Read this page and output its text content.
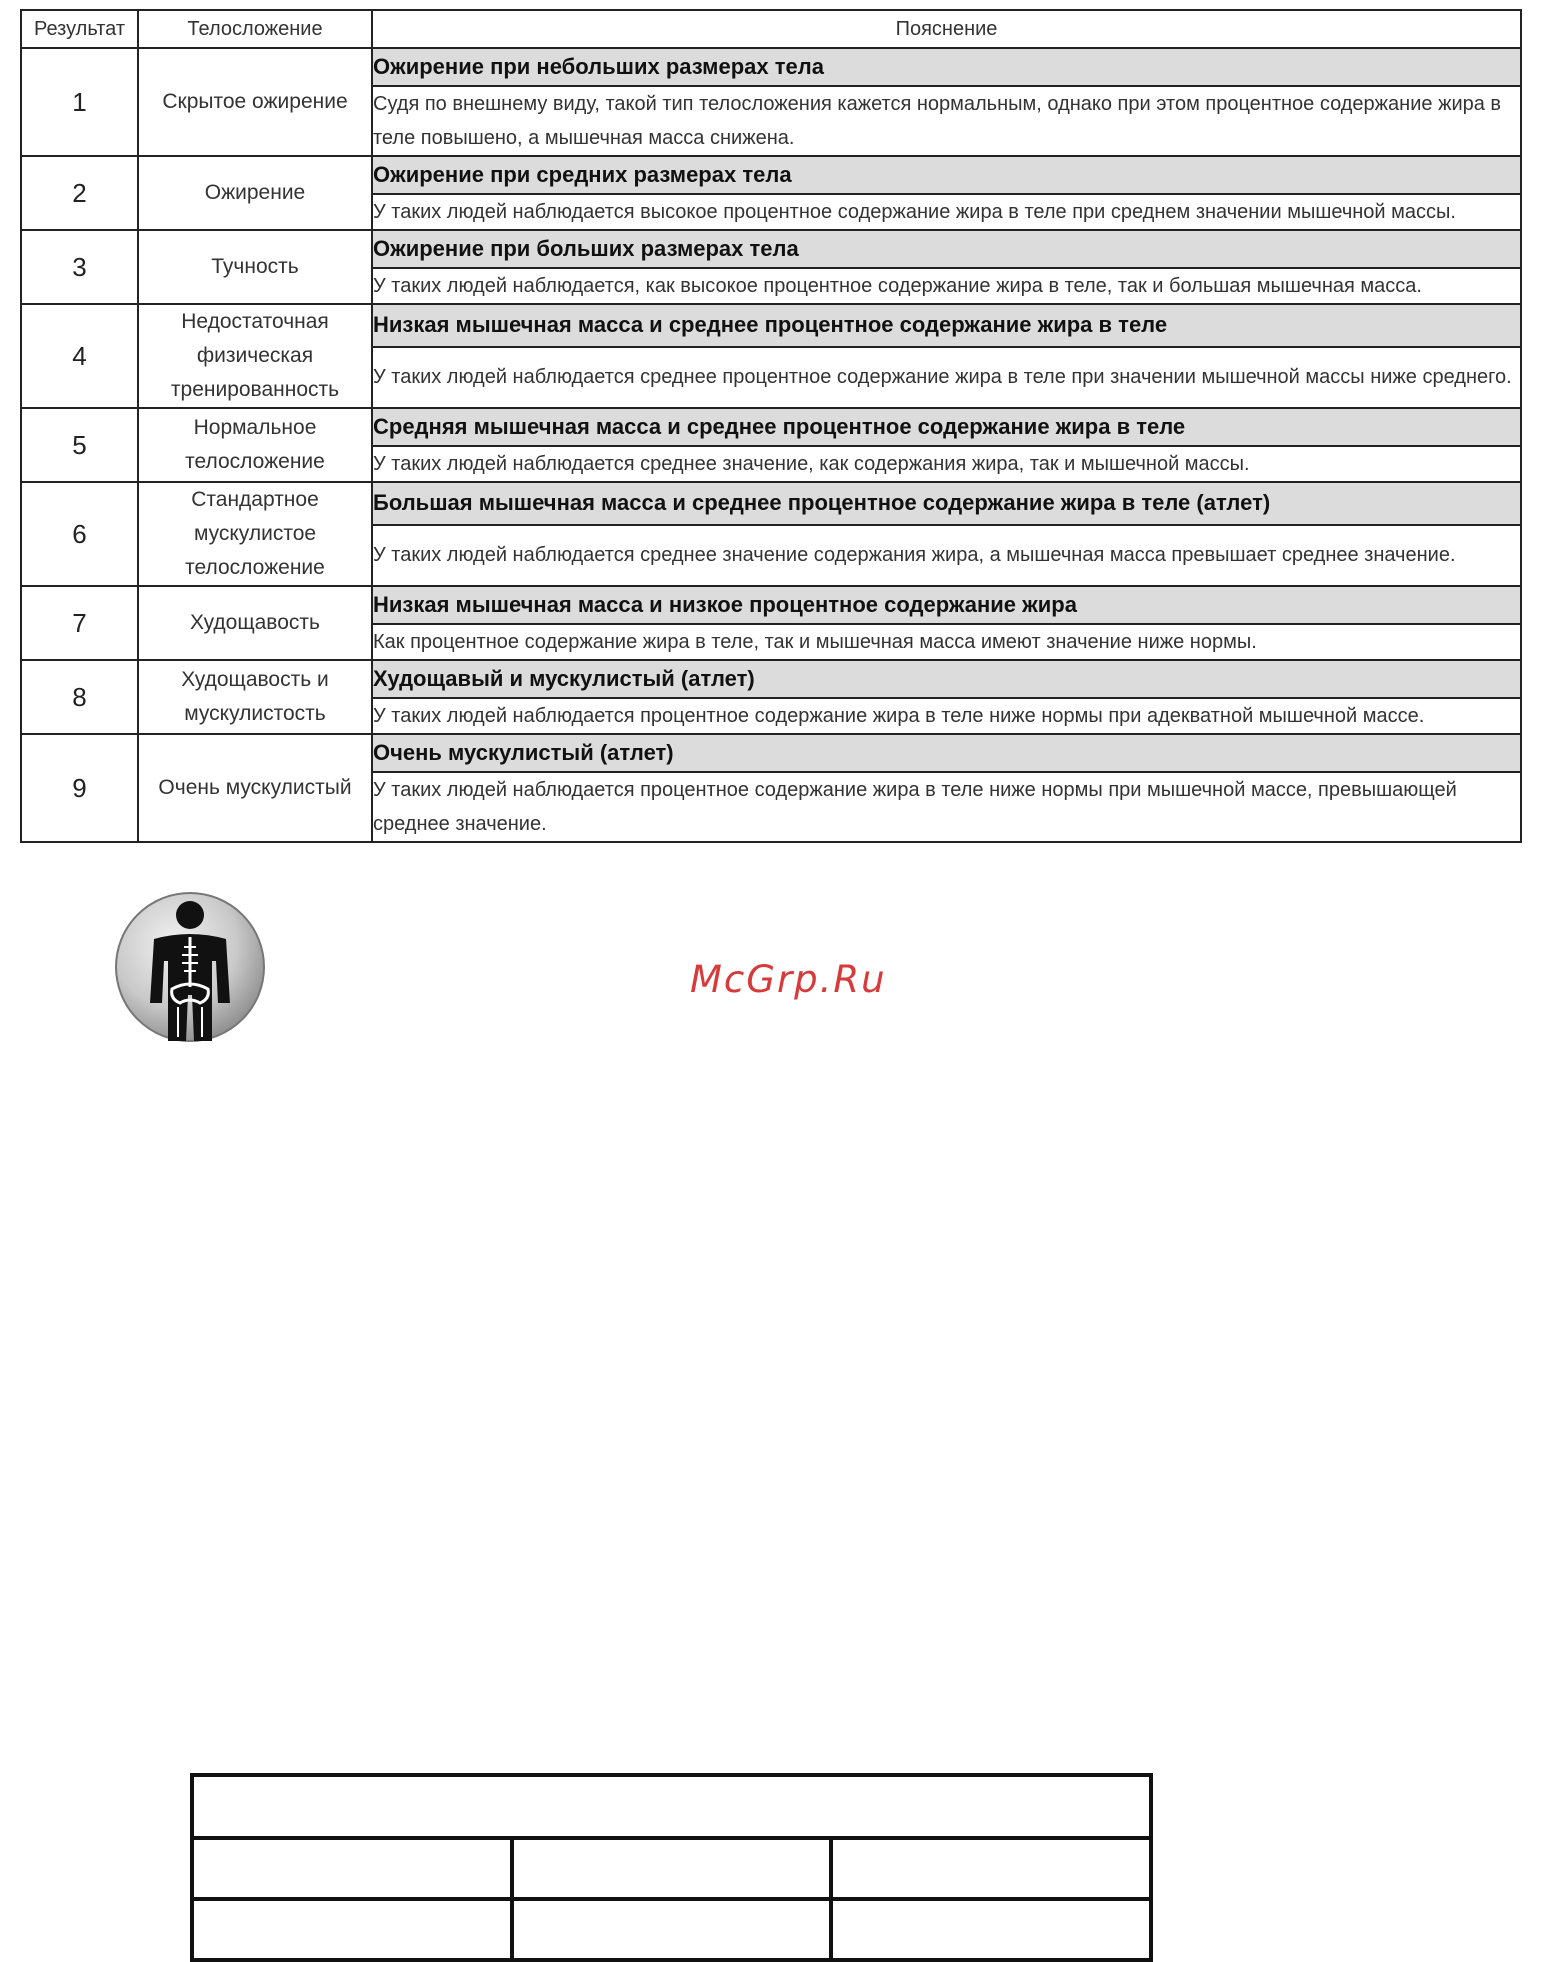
Результат	Телосложение	Пояснение
1	Скрытое ожирение	Ожирение при небольших размерах тела
		Судя по внешнему виду, такой тип телосложения кажется нормальным, однако при этом процентное содержание жира в теле повышено, а мышечная масса снижена.
2	Ожирение	Ожирение при средних размерах тела
		У таких людей наблюдается высокое процентное содержание жира в теле при среднем значении мышечной массы.
3	Тучность	Ожирение при больших размерах тела
		У таких людей наблюдается, как высокое процентное содержание жира в теле, так и большая мышечная масса.
4	Недостаточная физическая тренированность	Низкая мышечная масса и среднее процентное содержание жира в теле
		У таких людей наблюдается среднее процентное содержание жира в теле при значении мышечной массы ниже среднего.
5	Нормальное телосложение	Средняя мышечная масса и среднее процентное содержание жира в теле
		У таких людей наблюдается среднее значение, как содержания жира, так и мышечной массы.
6	Стандартное мускулистое телосложение	Большая мышечная масса и среднее процентное содержание жира в теле (атлет)
		У таких людей наблюдается среднее значение содержания жира, а мышечная масса превышает среднее значение.
7	Худощавость	Низкая мышечная масса и низкое процентное содержание жира
		Как процентное содержание жира в теле, так и мышечная масса имеют значение ниже нормы.
8	Худощавость и мускулистость	Худощавый и мускулистый (атлет)
		У таких людей наблюдается процентное содержание жира в теле ниже нормы при адекватной мышечной массе.
9	Очень мускулистый	Очень мускулистый (атлет)
		У таких людей наблюдается процентное содержание жира в теле ниже нормы при мышечной массе, превышающей среднее значение.
McGrp.Ru
